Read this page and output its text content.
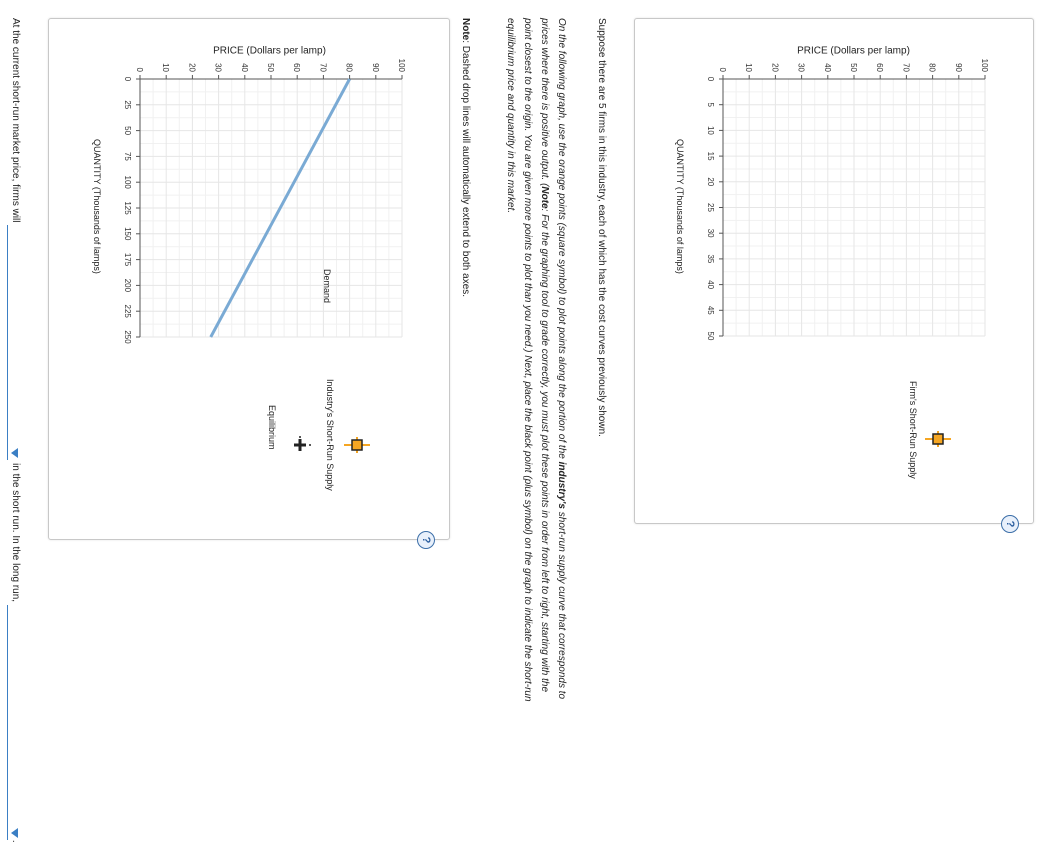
0
5
10
15
20
25
30
35
40
45
50
0 10 20 30 40 50 60 70 80 90 100
PRICE (Dollars per lamp)
QUANTITY (Thousands of lamps)
Firm's Short-Run Supply
?
Suppose there are 5 firms in this industry, each of which has the cost curves previously shown.
On the following graph, use the orange points (square symbol) to plot points along the portion of the industry's short-run supply curve that corresponds to prices where there is positive output. (Note: For the graphing tool to grade correctly, you must plot these points in order from left to right, starting with the point closest to the origin. You are given more points to plot than you need.) Next, place the black point (plus symbol) on the graph to indicate the short-run equilibrium price and quantity in this market.
Note: Dashed drop lines will automatically extend to both axes.
0
25
50
75
100
125
150
175
200
225
250
0 10 20 30 40 50 60 70 80 90 100
PRICE (Dollars per lamp)
QUANTITY (Thousands of lamps)
Demand
Industry's Short-Run Supply
Equilibrium
?
At the current short-run market price, firms will
in the short run. In the long run,
.
